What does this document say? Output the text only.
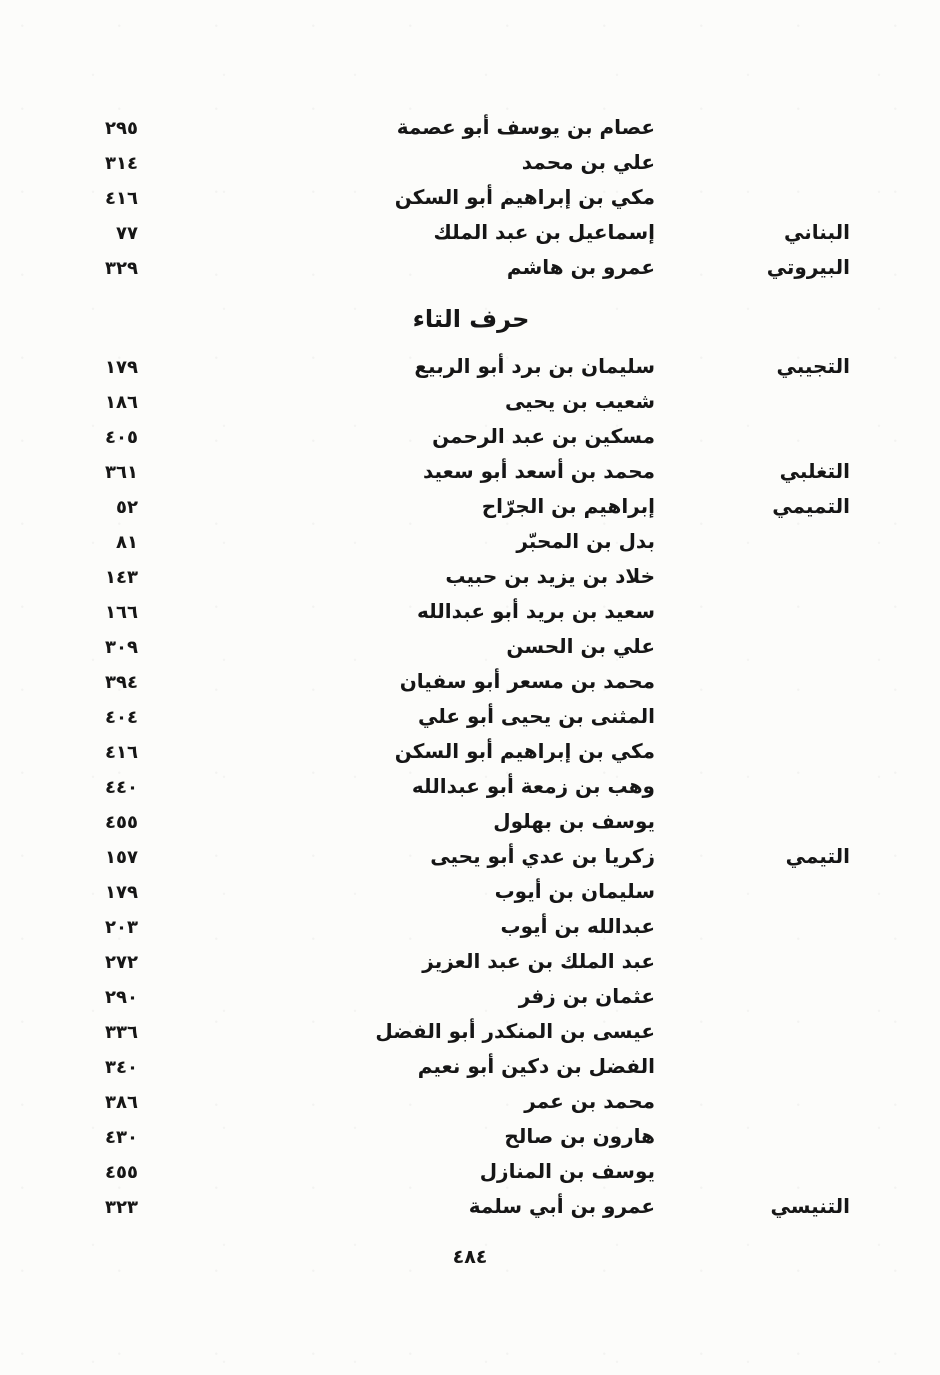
عصام بن يوسف أبو عصمة
٢٩٥
علي بن محمد
٣١٤
مكي بن إبراهيم أبو السكن
٤١٦
البناني
إسماعيل بن عبد الملك
٧٧
البيروتي
عمرو بن هاشم
٣٢٩
حرف التاء
التجيبي
سليمان بن برد أبو الربيع
١٧٩
شعيب بن يحيى
١٨٦
مسكين بن عبد الرحمن
٤٠٥
التغلبي
محمد بن أسعد أبو سعيد
٣٦١
التميمي
إبراهيم بن الجرّاح
٥٢
بدل بن المحبّر
٨١
خلاد بن يزيد بن حبيب
١٤٣
سعيد بن بريد أبو عبدالله
١٦٦
علي بن الحسن
٣٠٩
محمد بن مسعر أبو سفيان
٣٩٤
المثنى بن يحيى أبو علي
٤٠٤
مكي بن إبراهيم أبو السكن
٤١٦
وهب بن زمعة أبو عبدالله
٤٤٠
يوسف بن بهلول
٤٥٥
التيمي
زكريا بن عدي أبو يحيى
١٥٧
سليمان بن أيوب
١٧٩
عبدالله بن أيوب
٢٠٣
عبد الملك بن عبد العزيز
٢٧٢
عثمان بن زفر
٢٩٠
عيسى بن المنكدر أبو الفضل
٣٣٦
الفضل بن دكين أبو نعيم
٣٤٠
محمد بن عمر
٣٨٦
هارون بن صالح
٤٣٠
يوسف بن المنازل
٤٥٥
التنيسي
عمرو بن أبي سلمة
٣٢٣
٤٨٤
